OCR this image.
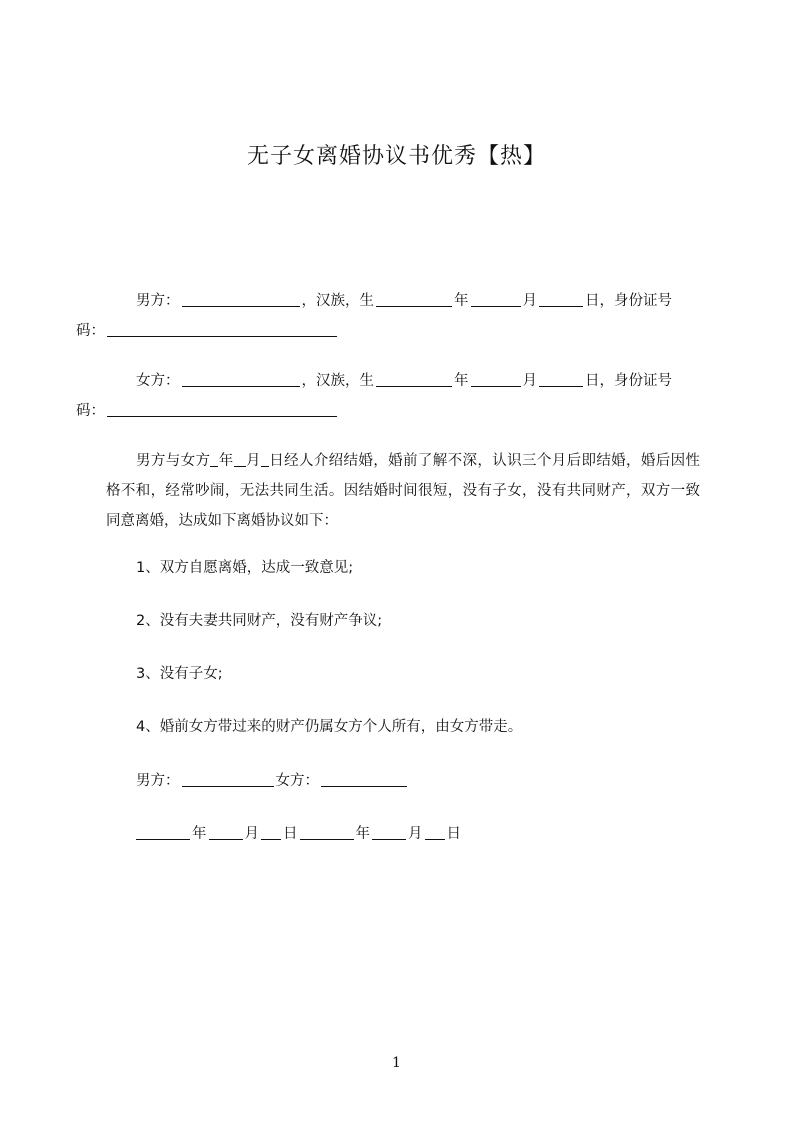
无子女离婚协议书优秀【热】
男方：	，汉族，生	年	月	日，身份证号
码：
女方：	，汉族，生	年	月	日，身份证号
码：
男方与女方 年 月 日经人介绍结婚，婚前了解不深，认识三个月后即结婚，婚后因性格不和，经常吵闹，无法共同生活。因结婚时间很短，没有子女，没有共同财产，双方一致同意离婚，达成如下离婚协议如下：
1、双方自愿离婚，达成一致意见;
2、没有夫妻共同财产，没有财产争议;
3、没有子女;
4、婚前女方带过来的财产仍属女方个人所有，由女方带走。
男方：	女方：
年	月 日	年	月 日
1
